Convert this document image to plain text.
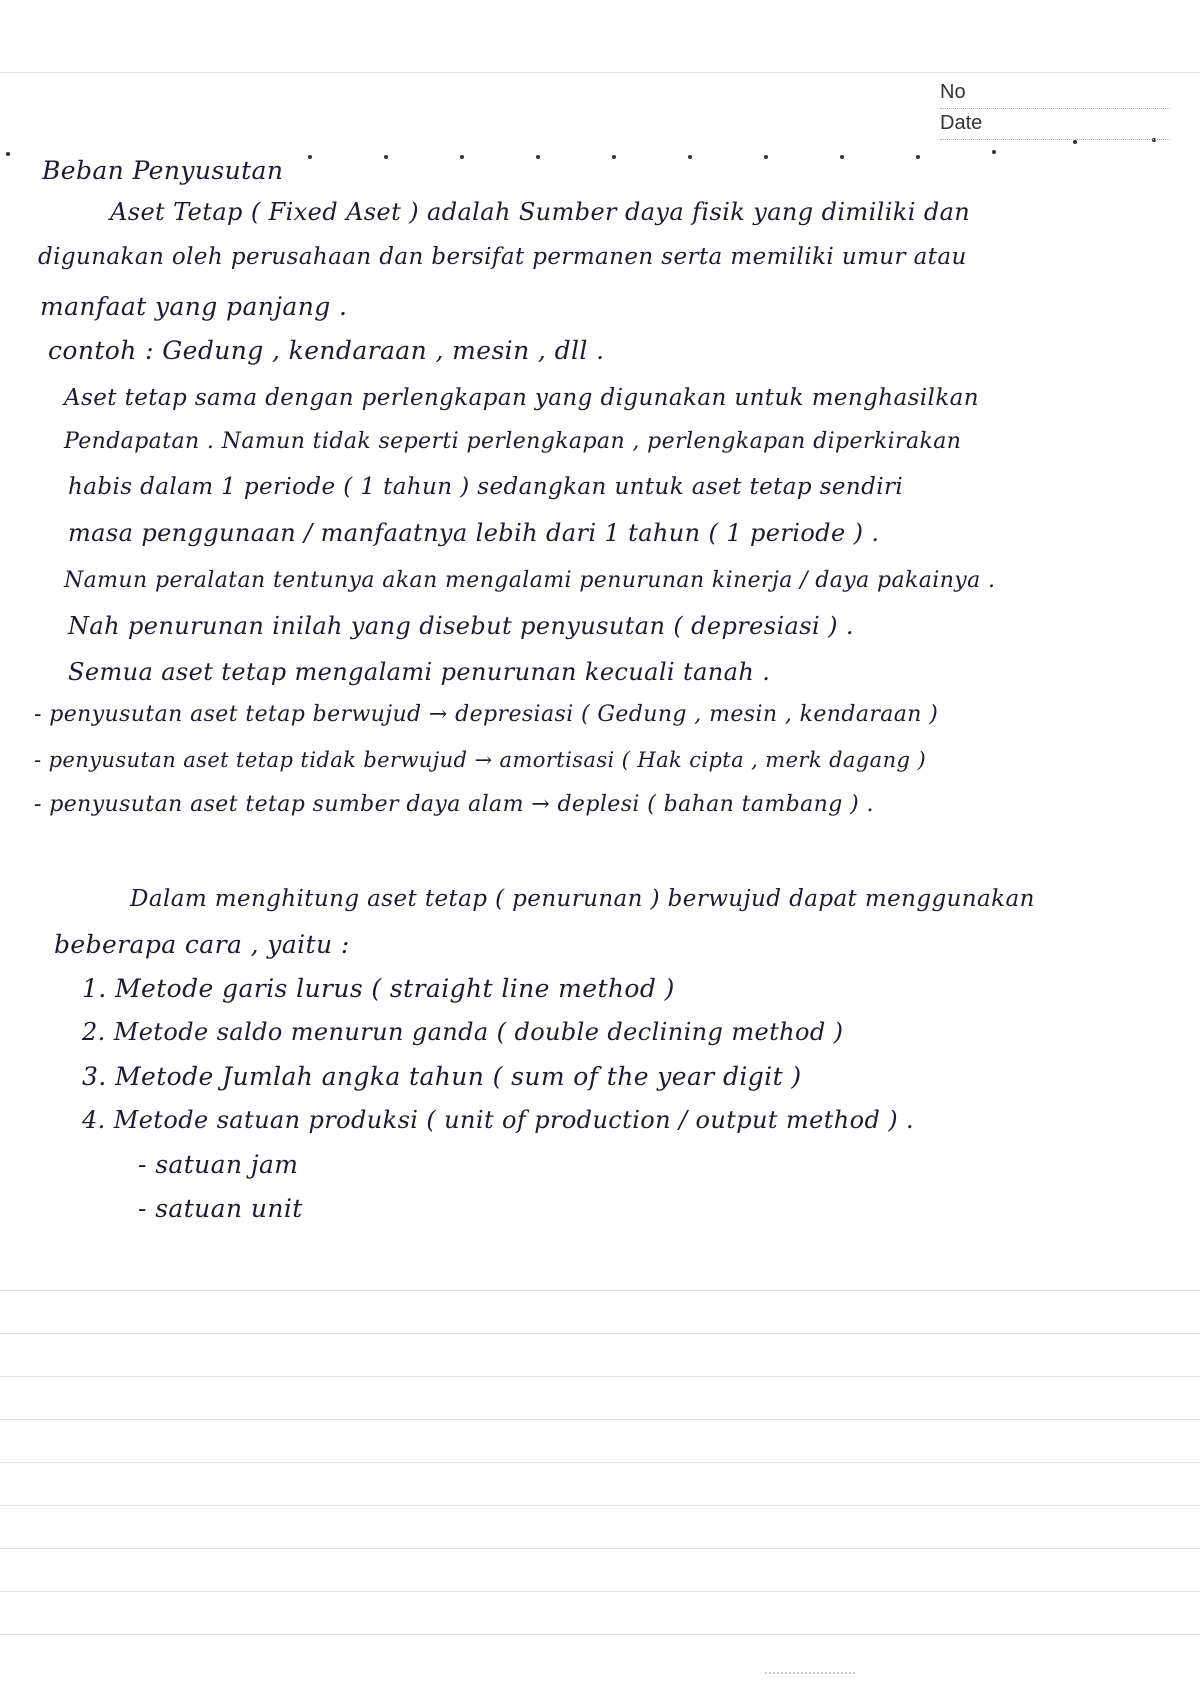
No
Date
Beban Penyusutan
Aset Tetap ( Fixed Aset ) adalah Sumber daya fisik yang dimiliki dan
digunakan oleh perusahaan dan bersifat permanen serta memiliki umur atau
manfaat yang panjang .
contoh : Gedung , kendaraan , mesin , dll .
Aset tetap sama dengan perlengkapan yang digunakan untuk menghasilkan
Pendapatan . Namun tidak seperti perlengkapan , perlengkapan diperkirakan
habis dalam 1 periode ( 1 tahun ) sedangkan untuk aset tetap sendiri
masa penggunaan / manfaatnya lebih dari 1 tahun ( 1 periode ) .
Namun peralatan tentunya akan mengalami penurunan kinerja / daya pakainya .
Nah penurunan inilah yang disebut penyusutan ( depresiasi ) .
Semua aset tetap mengalami penurunan kecuali tanah .
- penyusutan aset tetap berwujud → depresiasi ( Gedung , mesin , kendaraan )
- penyusutan aset tetap tidak berwujud → amortisasi ( Hak cipta , merk dagang )
- penyusutan aset tetap sumber daya alam → deplesi ( bahan tambang ) .
Dalam menghitung aset tetap ( penurunan ) berwujud dapat menggunakan
beberapa cara , yaitu :
1. Metode garis lurus ( straight line method )
2. Metode saldo menurun ganda ( double declining method )
3. Metode Jumlah angka tahun ( sum of the year digit )
4. Metode satuan produksi ( unit of production / output method ) .
- satuan jam
- satuan unit
